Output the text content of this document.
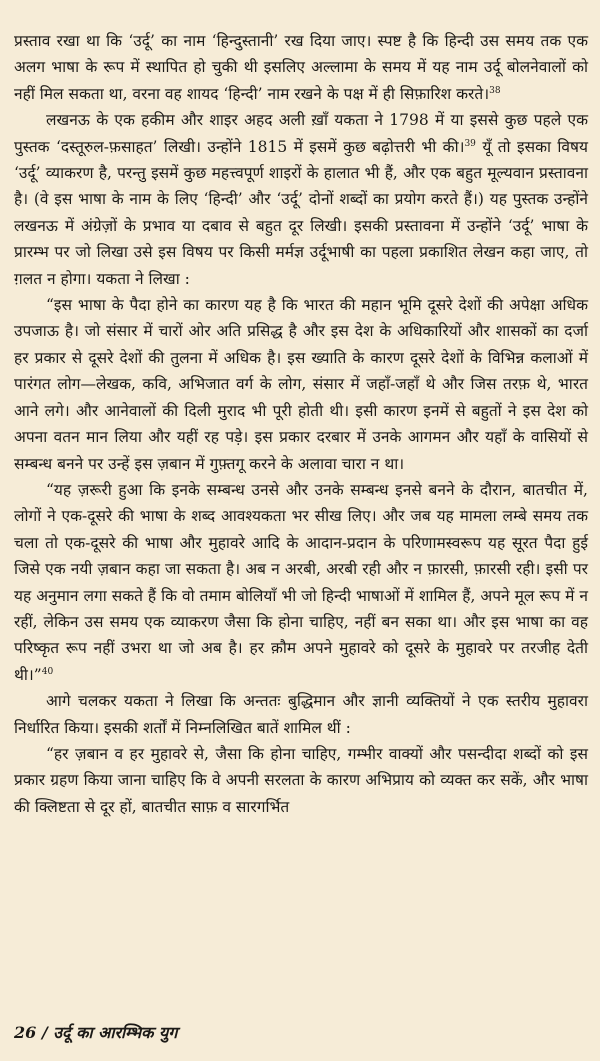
प्रस्ताव रखा था कि ‘उर्दू’ का नाम ‘हिन्दुस्तानी’ रख दिया जाए। स्पष्ट है कि हिन्दी उस समय तक एक अलग भाषा के रूप में स्थापित हो चुकी थी इसलिए अल्लामा के समय में यह नाम उर्दू बोलनेवालों को नहीं मिल सकता था, वरना वह शायद ‘हिन्दी’ नाम रखने के पक्ष में ही सिफ़ारिश करते।$^{38}$

लखनऊ के एक हकीम और शाइर अहद अली ख़ाँ यकता ने 1798 में या इससे कुछ पहले एक पुस्तक ‘दस्तूरुल-फ़साहत’ लिखी। उन्होंने 1815 में इसमें कुछ बढ़ोत्तरी भी की।$^{39}$ यूँ तो इसका विषय ‘उर्दू’ व्याकरण है, परन्तु इसमें कुछ महत्त्वपूर्ण शाइरों के हालात भी हैं, और एक बहुत मूल्यवान प्रस्तावना है। (वे इस भाषा के नाम के लिए ‘हिन्दी’ और ‘उर्दू’ दोनों शब्दों का प्रयोग करते हैं।) यह पुस्तक उन्होंने लखनऊ में अंग्रेज़ों के प्रभाव या दबाव से बहुत दूर लिखी। इसकी प्रस्तावना में उन्होंने ‘उर्दू’ भाषा के प्रारम्भ पर जो लिखा उसे इस विषय पर किसी मर्मज्ञ उर्दूभाषी का पहला प्रकाशित लेखन कहा जाए, तो ग़लत न होगा। यकता ने लिखा :

“इस भाषा के पैदा होने का कारण यह है कि भारत की महान भूमि दूसरे देशों की अपेक्षा अधिक उपजाऊ है। जो संसार में चारों ओर अति प्रसिद्ध है और इस देश के अधिकारियों और शासकों का दर्जा हर प्रकार से दूसरे देशों की तुलना में अधिक है। इस ख्याति के कारण दूसरे देशों के विभिन्न कलाओं में पारंगत लोग—लेखक, कवि, अभिजात वर्ग के लोग, संसार में जहाँ-जहाँ थे और जिस तरफ़ थे, भारत आने लगे। और आनेवालों की दिली मुराद भी पूरी होती थी। इसी कारण इनमें से बहुतों ने इस देश को अपना वतन मान लिया और यहीं रह पड़े। इस प्रकार दरबार में उनके आगमन और यहाँ के वासियों से सम्बन्ध बनने पर उन्हें इस ज़बान में गुफ़्तगू करने के अलावा चारा न था।

“यह ज़रूरी हुआ कि इनके सम्बन्ध उनसे और उनके सम्बन्ध इनसे बनने के दौरान, बातचीत में, लोगों ने एक-दूसरे की भाषा के शब्द आवश्यकता भर सीख लिए। और जब यह मामला लम्बे समय तक चला तो एक-दूसरे की भाषा और मुहावरे आदि के आदान-प्रदान के परिणामस्वरूप यह सूरत पैदा हुई जिसे एक नयी ज़बान कहा जा सकता है। अब न अरबी, अरबी रही और न फ़ारसी, फ़ारसी रही। इसी पर यह अनुमान लगा सकते हैं कि वो तमाम बोलियाँ भी जो हिन्दी भाषाओं में शामिल हैं, अपने मूल रूप में न रहीं, लेकिन उस समय एक व्याकरण जैसा कि होना चाहिए, नहीं बन सका था। और इस भाषा का वह परिष्कृत रूप नहीं उभरा था जो अब है। हर क़ौम अपने मुहावरे को दूसरे के मुहावरे पर तरजीह देती थी।”$^{40}$

आगे चलकर यकता ने लिखा कि अन्ततः बुद्धिमान और ज्ञानी व्यक्तियों ने एक स्तरीय मुहावरा निर्धारित किया। इसकी शर्तों में निम्नलिखित बातें शामिल थीं :

“हर ज़बान व हर मुहावरे से, जैसा कि होना चाहिए, गम्भीर वाक्यों और पसन्दीदा शब्दों को इस प्रकार ग्रहण किया जाना चाहिए कि वे अपनी सरलता के कारण अभिप्राय को व्यक्त कर सकें, और भाषा की क्लिष्टता से दूर हों, बातचीत साफ़ व सारगर्भित

26 / उर्दू का आरम्भिक युग
